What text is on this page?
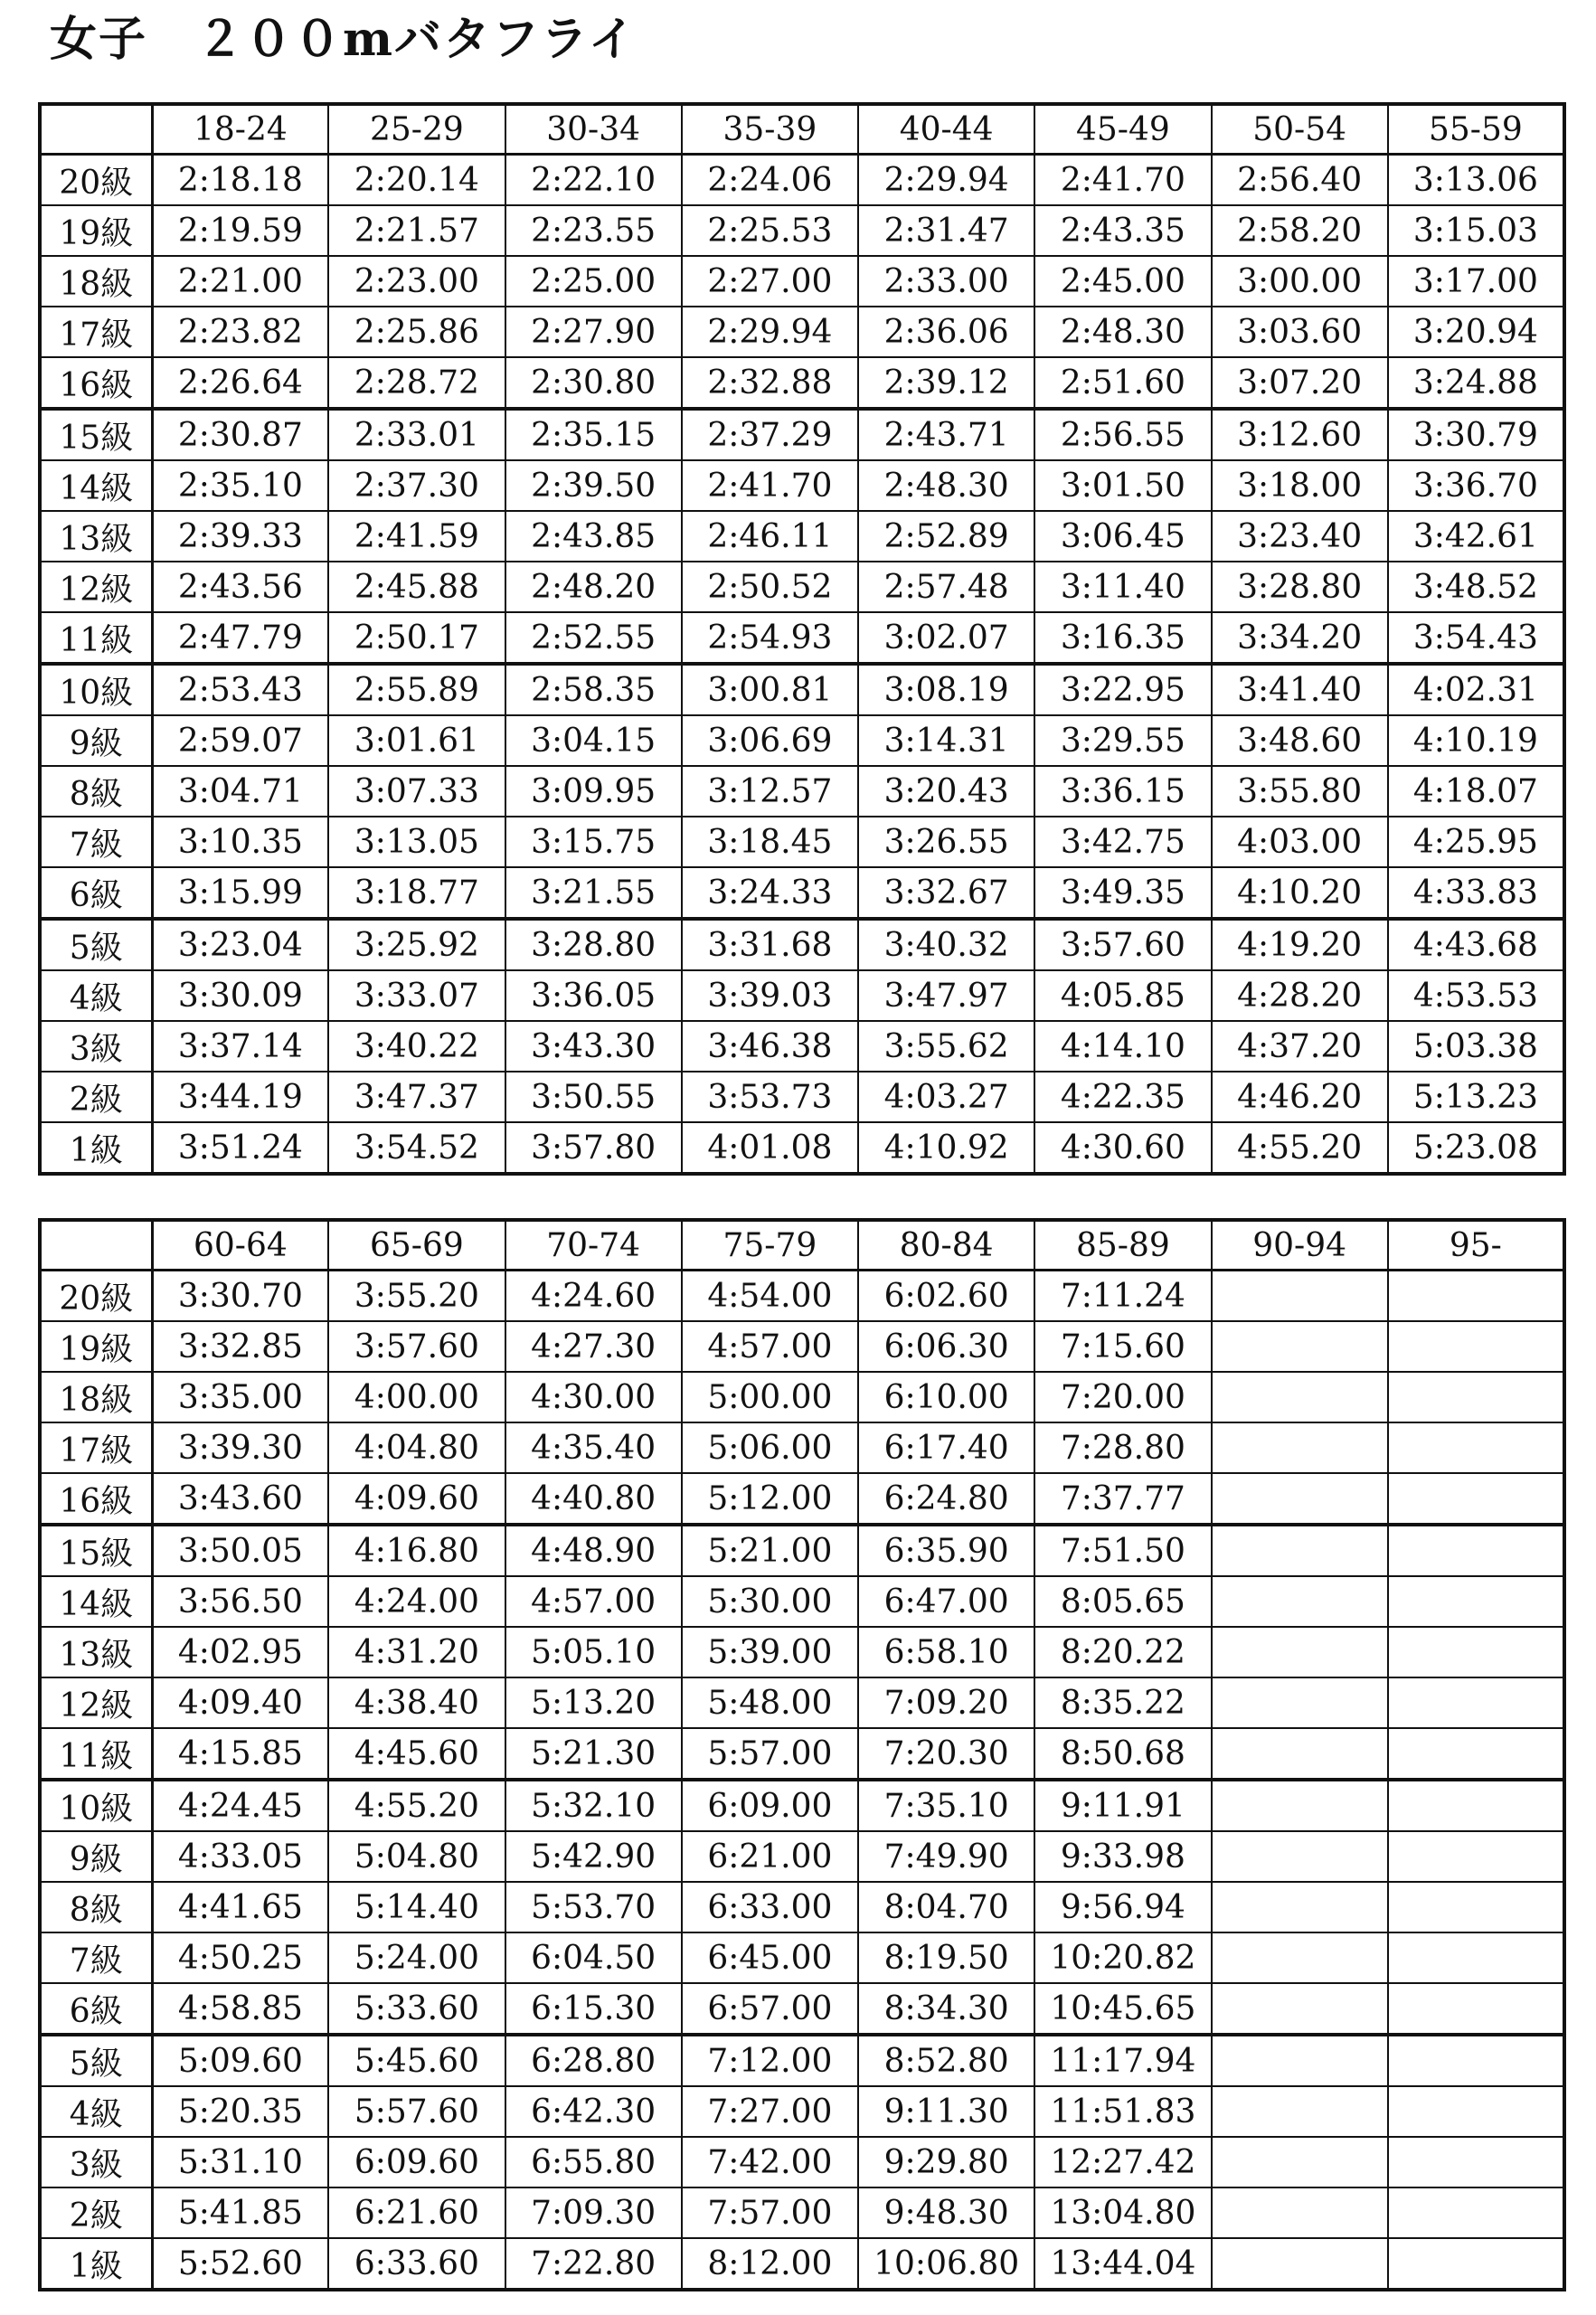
女子　２００mバタフライ
	18-24	25-29	30-34	35-39	40-44	45-49	50-54	55-59
20級	2:18.18	2:20.14	2:22.10	2:24.06	2:29.94	2:41.70	2:56.40	3:13.06
19級	2:19.59	2:21.57	2:23.55	2:25.53	2:31.47	2:43.35	2:58.20	3:15.03
18級	2:21.00	2:23.00	2:25.00	2:27.00	2:33.00	2:45.00	3:00.00	3:17.00
17級	2:23.82	2:25.86	2:27.90	2:29.94	2:36.06	2:48.30	3:03.60	3:20.94
16級	2:26.64	2:28.72	2:30.80	2:32.88	2:39.12	2:51.60	3:07.20	3:24.88
15級	2:30.87	2:33.01	2:35.15	2:37.29	2:43.71	2:56.55	3:12.60	3:30.79
14級	2:35.10	2:37.30	2:39.50	2:41.70	2:48.30	3:01.50	3:18.00	3:36.70
13級	2:39.33	2:41.59	2:43.85	2:46.11	2:52.89	3:06.45	3:23.40	3:42.61
12級	2:43.56	2:45.88	2:48.20	2:50.52	2:57.48	3:11.40	3:28.80	3:48.52
11級	2:47.79	2:50.17	2:52.55	2:54.93	3:02.07	3:16.35	3:34.20	3:54.43
10級	2:53.43	2:55.89	2:58.35	3:00.81	3:08.19	3:22.95	3:41.40	4:02.31
9級	2:59.07	3:01.61	3:04.15	3:06.69	3:14.31	3:29.55	3:48.60	4:10.19
8級	3:04.71	3:07.33	3:09.95	3:12.57	3:20.43	3:36.15	3:55.80	4:18.07
7級	3:10.35	3:13.05	3:15.75	3:18.45	3:26.55	3:42.75	4:03.00	4:25.95
6級	3:15.99	3:18.77	3:21.55	3:24.33	3:32.67	3:49.35	4:10.20	4:33.83
5級	3:23.04	3:25.92	3:28.80	3:31.68	3:40.32	3:57.60	4:19.20	4:43.68
4級	3:30.09	3:33.07	3:36.05	3:39.03	3:47.97	4:05.85	4:28.20	4:53.53
3級	3:37.14	3:40.22	3:43.30	3:46.38	3:55.62	4:14.10	4:37.20	5:03.38
2級	3:44.19	3:47.37	3:50.55	3:53.73	4:03.27	4:22.35	4:46.20	5:13.23
1級	3:51.24	3:54.52	3:57.80	4:01.08	4:10.92	4:30.60	4:55.20	5:23.08
	60-64	65-69	70-74	75-79	80-84	85-89	90-94	95-
20級	3:30.70	3:55.20	4:24.60	4:54.00	6:02.60	7:11.24		
19級	3:32.85	3:57.60	4:27.30	4:57.00	6:06.30	7:15.60		
18級	3:35.00	4:00.00	4:30.00	5:00.00	6:10.00	7:20.00		
17級	3:39.30	4:04.80	4:35.40	5:06.00	6:17.40	7:28.80		
16級	3:43.60	4:09.60	4:40.80	5:12.00	6:24.80	7:37.77		
15級	3:50.05	4:16.80	4:48.90	5:21.00	6:35.90	7:51.50		
14級	3:56.50	4:24.00	4:57.00	5:30.00	6:47.00	8:05.65		
13級	4:02.95	4:31.20	5:05.10	5:39.00	6:58.10	8:20.22		
12級	4:09.40	4:38.40	5:13.20	5:48.00	7:09.20	8:35.22		
11級	4:15.85	4:45.60	5:21.30	5:57.00	7:20.30	8:50.68		
10級	4:24.45	4:55.20	5:32.10	6:09.00	7:35.10	9:11.91		
9級	4:33.05	5:04.80	5:42.90	6:21.00	7:49.90	9:33.98		
8級	4:41.65	5:14.40	5:53.70	6:33.00	8:04.70	9:56.94		
7級	4:50.25	5:24.00	6:04.50	6:45.00	8:19.50	10:20.82		
6級	4:58.85	5:33.60	6:15.30	6:57.00	8:34.30	10:45.65		
5級	5:09.60	5:45.60	6:28.80	7:12.00	8:52.80	11:17.94		
4級	5:20.35	5:57.60	6:42.30	7:27.00	9:11.30	11:51.83		
3級	5:31.10	6:09.60	6:55.80	7:42.00	9:29.80	12:27.42		
2級	5:41.85	6:21.60	7:09.30	7:57.00	9:48.30	13:04.80		
1級	5:52.60	6:33.60	7:22.80	8:12.00	10:06.80	13:44.04		
